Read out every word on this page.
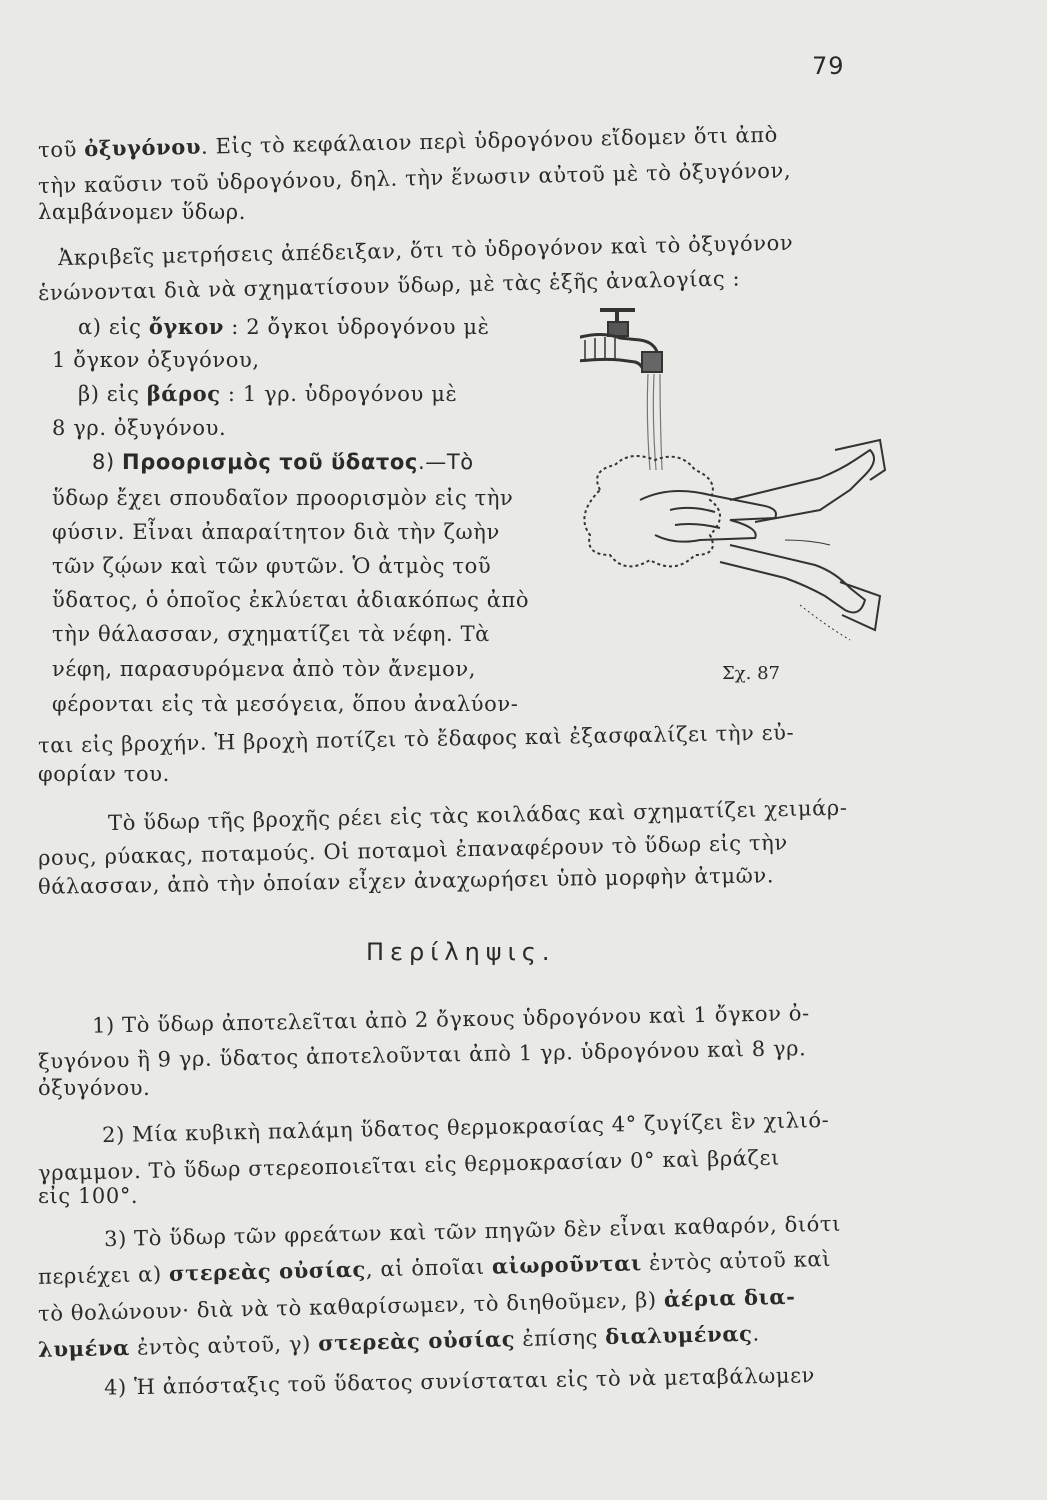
79
τοῦ ὀξυγόνου. Εἰς τὸ κεφάλαιον περὶ ὑδρογόνου εἴδομεν ὅτι ἀπὸ
τὴν καῦσιν τοῦ ὑδρογόνου, δηλ. τὴν ἕνωσιν αὐτοῦ μὲ τὸ ὀξυγόνον,
λαμβάνομεν ὕδωρ.
Ἀκριβεῖς μετρήσεις ἀπέδειξαν, ὅτι τὸ ὑδρογόνον καὶ τὸ ὀξυγόνον
ἑνώνονται διὰ νὰ σχηματίσουν ὕδωρ, μὲ τὰς ἑξῆς ἀναλογίας :
α) εἰς ὄγκον : 2 ὄγκοι ὑδρογόνου μὲ
1 ὄγκον ὀξυγόνου,
β) εἰς βάρος : 1 γρ. ὑδρογόνου μὲ
8 γρ. ὀξυγόνου.
8) Προορισμὸς τοῦ ὕδατος.—Τὸ
ὕδωρ ἔχει σπουδαῖον προορισμὸν εἰς τὴν
φύσιν. Εἶναι ἀπαραίτητον διὰ τὴν ζωὴν
τῶν ζῴων καὶ τῶν φυτῶν. Ὁ ἀτμὸς τοῦ
ὕδατος, ὁ ὁποῖος ἐκλύεται ἀδιακόπως ἀπὸ
τὴν θάλασσαν, σχηματίζει τὰ νέφη. Τὰ
νέφη, παρασυρόμενα ἀπὸ τὸν ἄνεμον,
φέρονται εἰς τὰ μεσόγεια, ὅπου ἀναλύον-
ται εἰς βροχήν. Ἡ βροχὴ ποτίζει τὸ ἔδαφος καὶ ἐξασφαλίζει τὴν εὐ-
φορίαν του.
Τὸ ὕδωρ τῆς βροχῆς ρέει εἰς τὰς κοιλάδας καὶ σχηματίζει χειμάρ-
ρους, ρύακας, ποταμούς. Οἱ ποταμοὶ ἐπαναφέρουν τὸ ὕδωρ εἰς τὴν
θάλασσαν, ἀπὸ τὴν ὁποίαν εἶχεν ἀναχωρήσει ὑπὸ μορφὴν ἀτμῶν.
Σχ. 87
Περίληψις.
1) Τὸ ὕδωρ ἀποτελεῖται ἀπὸ 2 ὄγκους ὑδρογόνου καὶ 1 ὄγκον ὀ-
ξυγόνου ἢ 9 γρ. ὕδατος ἀποτελοῦνται ἀπὸ 1 γρ. ὑδρογόνου καὶ 8 γρ.
ὀξυγόνου.
2) Μία κυβικὴ παλάμη ὕδατος θερμοκρασίας 4° ζυγίζει ἓν χιλιό-
γραμμον. Τὸ ὕδωρ στερεοποιεῖται εἰς θερμοκρασίαν 0° καὶ βράζει
εἰς 100°.
3) Τὸ ὕδωρ τῶν φρεάτων καὶ τῶν πηγῶν δὲν εἶναι καθαρόν, διότι
περιέχει α) στερεὰς οὐσίας, αἱ ὁποῖαι αἰωροῦνται ἐντὸς αὐτοῦ καὶ
τὸ θολώνουν· διὰ νὰ τὸ καθαρίσωμεν, τὸ διηθοῦμεν, β) ἀέρια δια-
λυμένα ἐντὸς αὐτοῦ, γ) στερεὰς οὐσίας ἐπίσης διαλυμένας.
4) Ἡ ἀπόσταξις τοῦ ὕδατος συνίσταται εἰς τὸ νὰ μεταβάλωμεν
